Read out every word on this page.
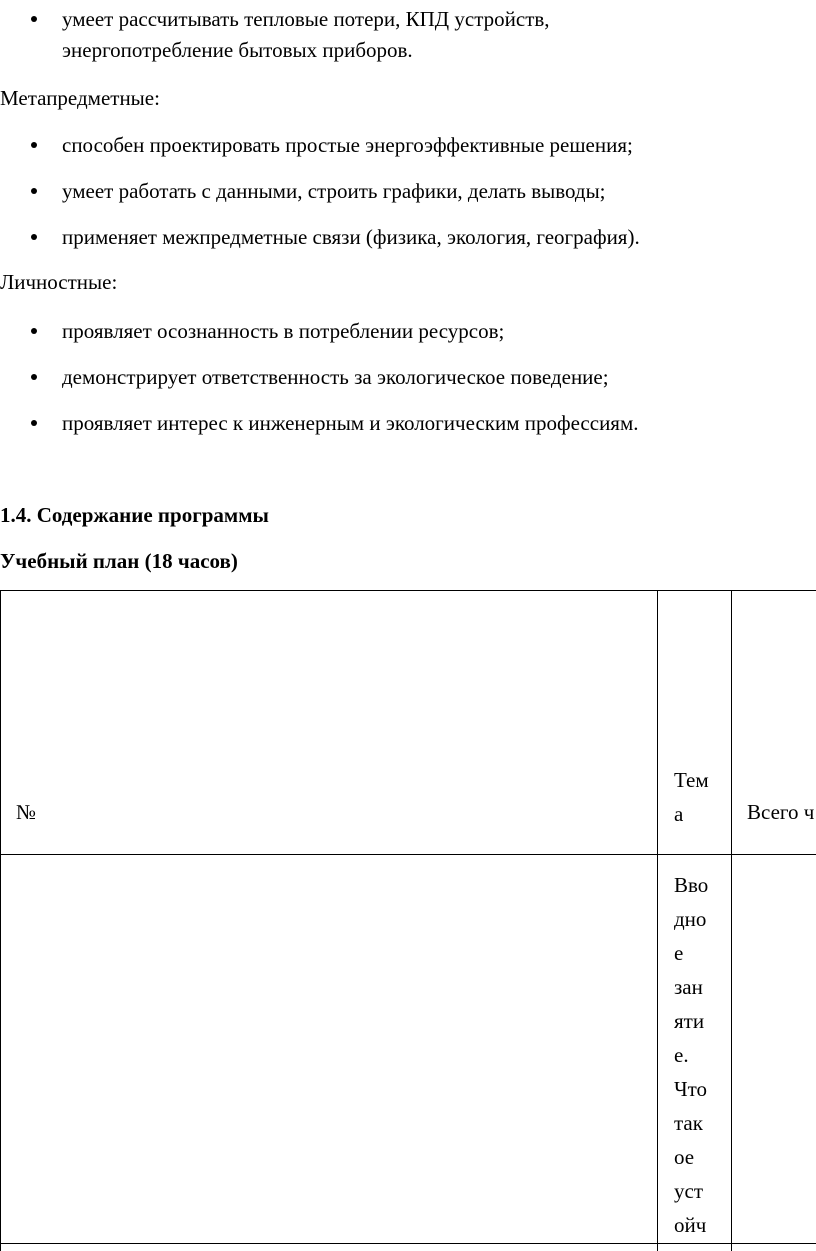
умеет рассчитывать тепловые потери, КПД устройств,
энергопотребление бытовых приборов.
Метапредметные:
способен проектировать простые энергоэффективные решения;
умеет работать с данными, строить графики, делать выводы;
применяет межпредметные связи (физика, экология, география).
Личностные:
проявляет осознанность в потреблении ресурсов;
демонстрирует ответственность за экологическое поведение;
проявляет интерес к инженерным и экологическим профессиям.
1.4. Содержание программы
Учебный план (18 часов)
№
Тем
а	Всего ч
Вво
дно
е
зан
яти
е.
Что
так
ое
уст
ойч
